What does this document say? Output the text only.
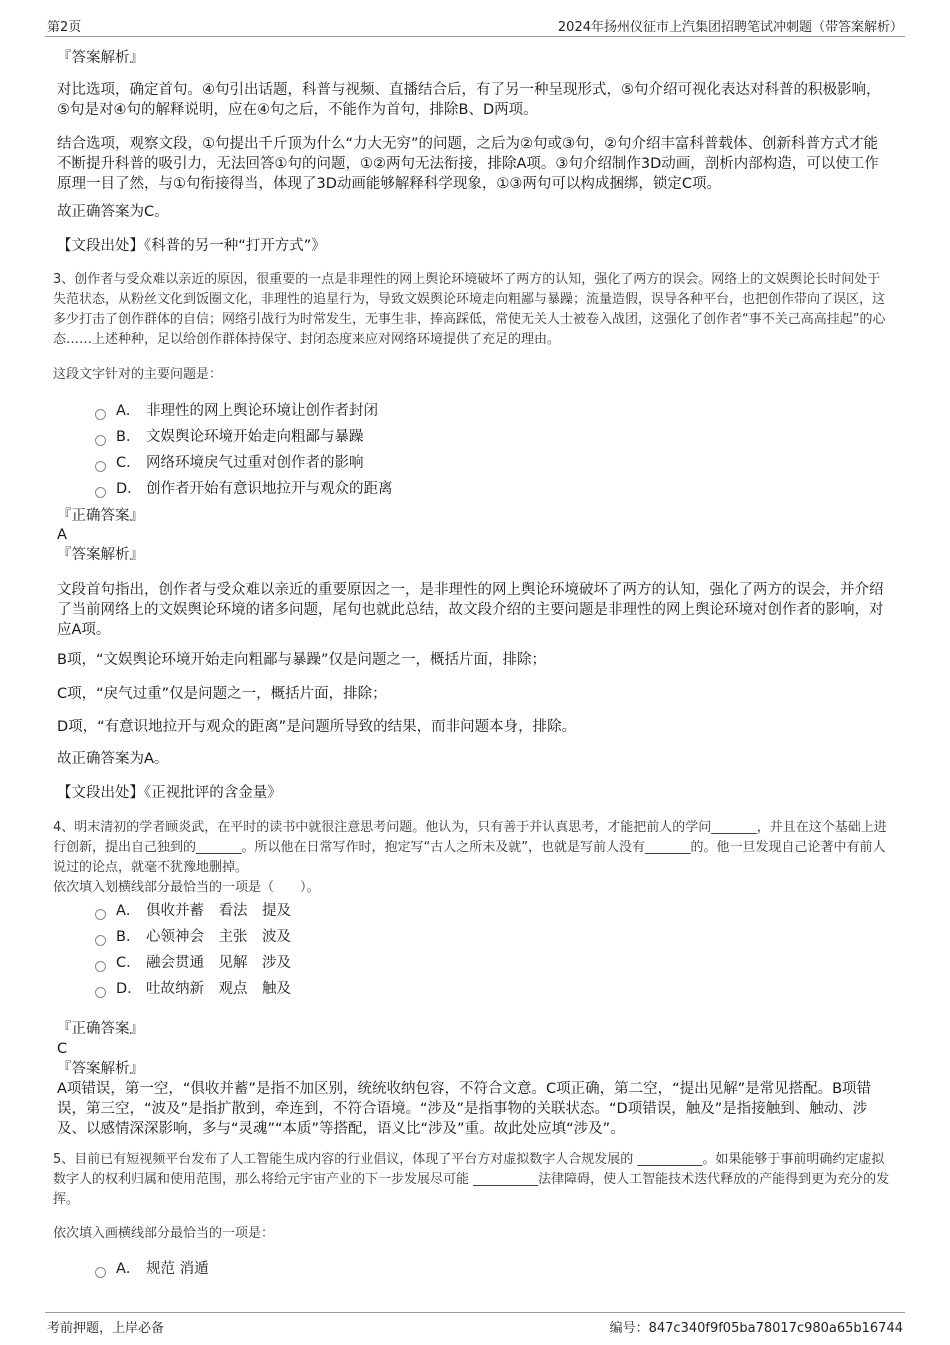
第2页	2024年扬州仪征市上汽集团招聘笔试冲刺题（带答案解析）

『答案解析』

对比选项，确定首句。④句引出话题，科普与视频、直播结合后，有了另一种呈现形式，⑤句介绍可视化表达对科普的积极影响，⑤句是对④句的解释说明，应在④句之后，不能作为首句，排除B、D两项。

结合选项，观察文段，①句提出千斤顶为什么“力大无穷”的问题，之后为②句或③句，②句介绍丰富科普载体、创新科普方式才能不断提升科普的吸引力，无法回答①句的问题，①②两句无法衔接，排除A项。③句介绍制作3D动画，剖析内部构造，可以使工作原理一目了然，与①句衔接得当，体现了3D动画能够解释科学现象，①③两句可以构成捆绑，锁定C项。

故正确答案为C。

【文段出处】《科普的另一种“打开方式”》

3、创作者与受众难以亲近的原因，很重要的一点是非理性的网上舆论环境破坏了两方的认知，强化了两方的误会。网络上的文娱舆论长时间处于失范状态，从粉丝文化到饭圈文化，非理性的追星行为，导致文娱舆论环境走向粗鄙与暴躁；流量造假，误导各种平台，也把创作带向了误区，这多少打击了创作群体的自信；网络引战行为时常发生，无事生非，捧高踩低，常使无关人士被卷入战团，这强化了创作者“事不关己高高挂起”的心态……上述种种，足以给创作群体持保守、封闭态度来应对网络环境提供了充足的理由。

这段文字针对的主要问题是：

A． 非理性的网上舆论环境让创作者封闭
B． 文娱舆论环境开始走向粗鄙与暴躁
C． 网络环境戾气过重对创作者的影响
D． 创作者开始有意识地拉开与观众的距离

『正确答案』

A

『答案解析』

文段首句指出，创作者与受众难以亲近的重要原因之一，是非理性的网上舆论环境破坏了两方的认知，强化了两方的误会，并介绍了当前网络上的文娱舆论环境的诸多问题，尾句也就此总结，故文段介绍的主要问题是非理性的网上舆论环境对创作者的影响，对应A项。

B项，“文娱舆论环境开始走向粗鄙与暴躁”仅是问题之一，概括片面，排除；

C项，“戾气过重”仅是问题之一，概括片面，排除；

D项，“有意识地拉开与观众的距离”是问题所导致的结果，而非问题本身，排除。

故正确答案为A。

【文段出处】《正视批评的含金量》

4、明末清初的学者顾炎武，在平时的读书中就很注意思考问题。他认为，只有善于并认真思考，才能把前人的学问_______，并且在这个基础上进行创新，提出自己独到的_______。所以他在日常写作时，抱定写“古人之所未及就”，也就是写前人没有_______的。他一旦发现自己论著中有前人说过的论点，就毫不犹豫地删掉。

依次填入划横线部分最恰当的一项是（　　）。

A． 俱收并蓄　看法　提及
B． 心领神会　主张　波及
C． 融会贯通　见解　涉及
D． 吐故纳新　观点　触及

『正确答案』

C

『答案解析』

A项错误，第一空，“俱收并蓄”是指不加区别，统统收纳包容，不符合文意。C项正确，第二空，“提出见解”是常见搭配。B项错误，第三空，“波及”是指扩散到，牵连到，不符合语境。“涉及”是指事物的关联状态。“D项错误，触及”是指接触到、触动、涉及、以感情深深影响，多与“灵魂”“本质”等搭配，语义比“涉及”重。故此处应填“涉及”。

5、目前已有短视频平台发布了人工智能生成内容的行业倡议，体现了平台方对虚拟数字人合规发展的 __________。如果能够于事前明确约定虚拟数字人的权利归属和使用范围，那么将给元宇宙产业的下一步发展尽可能 __________法律障碍，使人工智能技术迭代释放的产能得到更为充分的发挥。

依次填入画横线部分最恰当的一项是：

A． 规范 消遁
考前押题，上岸必备	编号：847c340f9f05ba78017c980a65b16744
